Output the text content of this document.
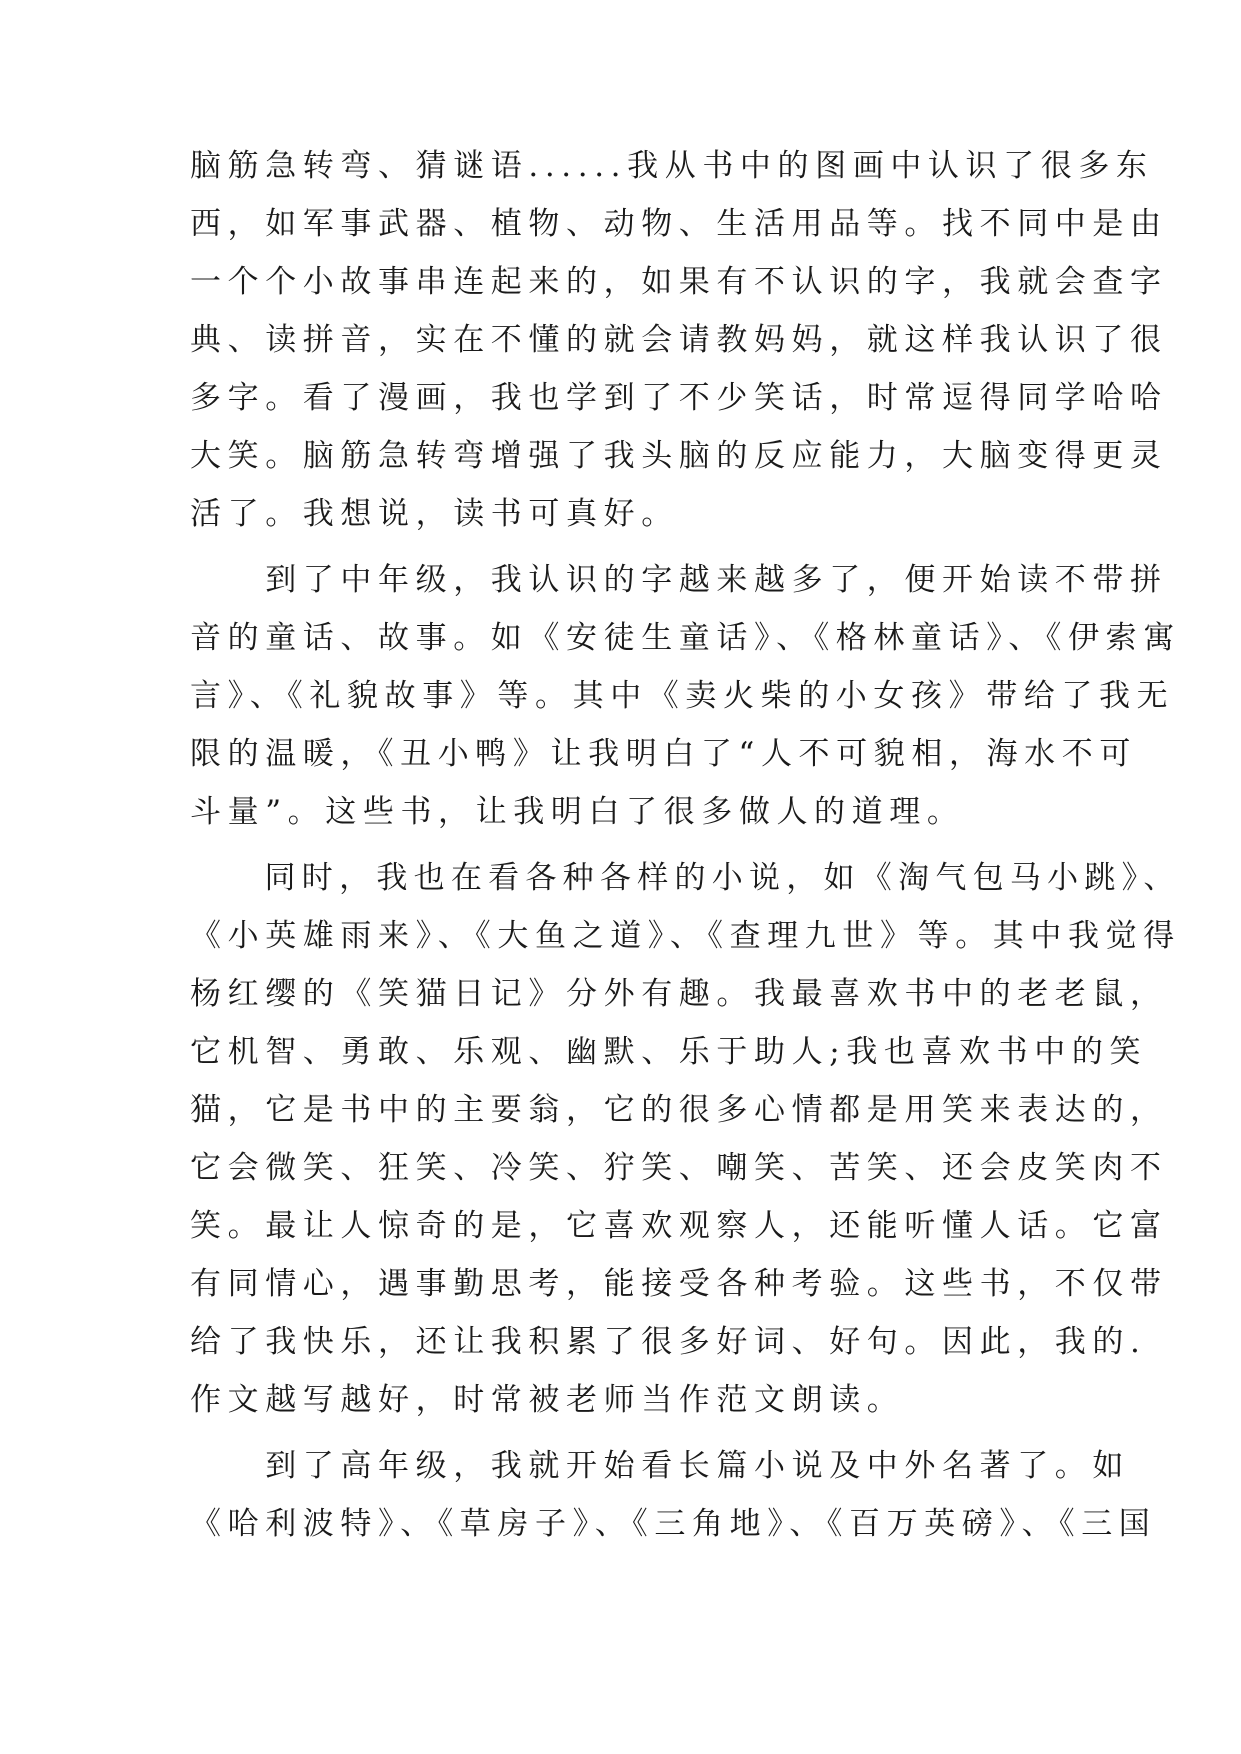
脑筋急转弯、猜谜语......我从书中的图画中认识了很多东
西，如军事武器、植物、动物、生活用品等。找不同中是由
一个个小故事串连起来的，如果有不认识的字，我就会查字
典、读拼音，实在不懂的就会请教妈妈，就这样我认识了很
多字。看了漫画，我也学到了不少笑话，时常逗得同学哈哈
大笑。脑筋急转弯增强了我头脑的反应能力，大脑变得更灵
活了。我想说，读书可真好。
　　到了中年级，我认识的字越来越多了，便开始读不带拼
音的童话、故事。如《安徒生童话》、《格林童话》、《伊索寓
言》、《礼貌故事》等。其中《卖火柴的小女孩》带给了我无
限的温暖，《丑小鸭》让我明白了“人不可貌相，海水不可
斗量”。这些书，让我明白了很多做人的道理。
　　同时，我也在看各种各样的小说，如《淘气包马小跳》、
《小英雄雨来》、《大鱼之道》、《查理九世》等。其中我觉得
杨红缨的《笑猫日记》分外有趣。我最喜欢书中的老老鼠，
它机智、勇敢、乐观、幽默、乐于助人;我也喜欢书中的笑
猫，它是书中的主要翁，它的很多心情都是用笑来表达的，
它会微笑、狂笑、冷笑、狞笑、嘲笑、苦笑、还会皮笑肉不
笑。最让人惊奇的是，它喜欢观察人，还能听懂人话。它富
有同情心，遇事勤思考，能接受各种考验。这些书，不仅带
给了我快乐，还让我积累了很多好词、好句。因此，我的.
作文越写越好，时常被老师当作范文朗读。
　　到了高年级，我就开始看长篇小说及中外名著了。如
《哈利波特》、《草房子》、《三角地》、《百万英磅》、《三国
